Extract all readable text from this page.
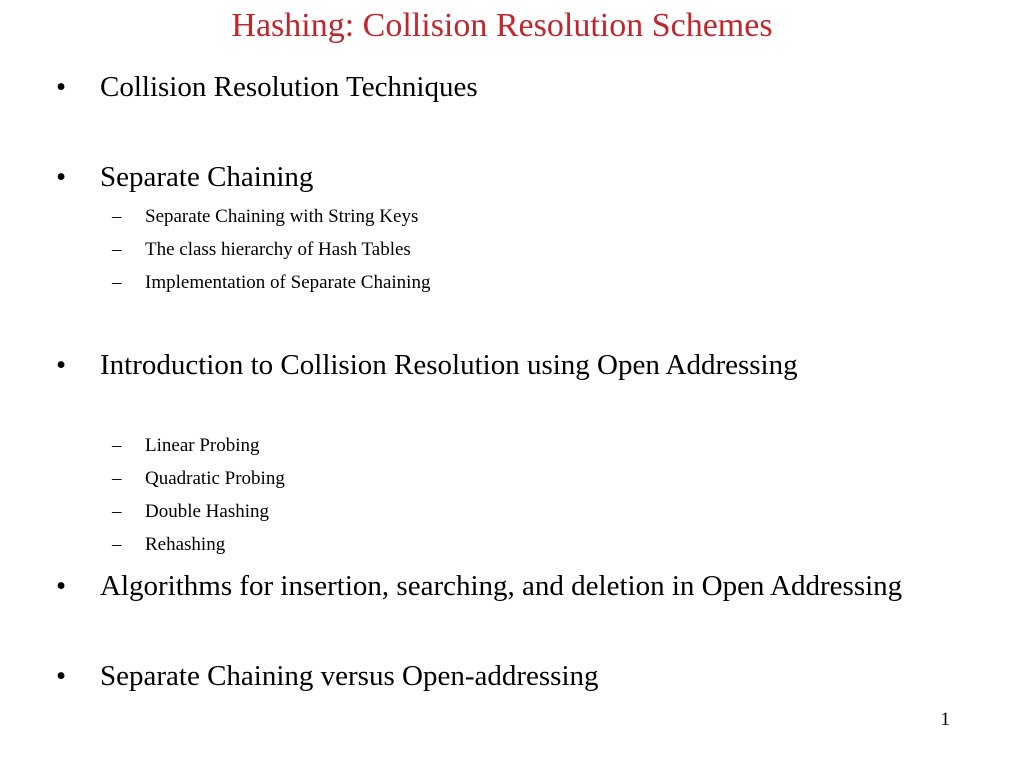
Hashing: Collision Resolution Schemes
•	Collision Resolution Techniques
•	Separate Chaining
–	Separate Chaining with String Keys
–	The class hierarchy of Hash Tables
–	Implementation of Separate Chaining
•	Introduction to Collision Resolution using Open Addressing
–	Linear Probing
–	Quadratic Probing
–	Double Hashing
–	Rehashing
•	Algorithms for insertion, searching, and deletion in Open Addressing
•	Separate Chaining versus Open-addressing
1
